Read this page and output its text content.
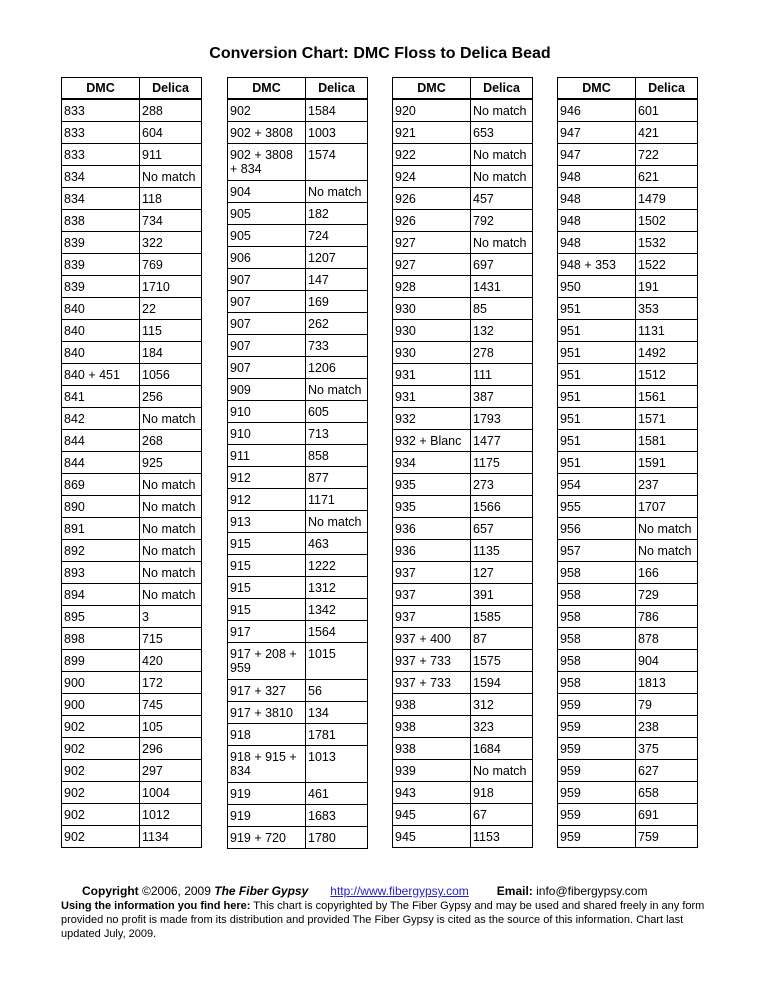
Conversion Chart: DMC Floss to Delica Bead
DMC	Delica
833	288
833	604
833	911
834	No match
834	118
838	734
839	322
839	769
839	1710
840	22
840	115
840	184
840 + 451	1056
841	256
842	No match
844	268
844	925
869	No match
890	No match
891	No match
892	No match
893	No match
894	No match
895	3
898	715
899	420
900	172
900	745
902	105
902	296
902	297
902	1004
902	1012
902	1134
DMC	Delica
902	1584
902 + 3808	1003
902 + 3808 + 834	1574
904	No match
905	182
905	724
906	1207
907	147
907	169
907	262
907	733
907	1206
909	No match
910	605
910	713
911	858
912	877
912	1171
913	No match
915	463
915	1222
915	1312
915	1342
917	1564
917 + 208 + 959	1015
917 + 327	56
917 + 3810	134
918	1781
918 + 915 + 834	1013
919	461
919	1683
919 + 720	1780
DMC	Delica
920	No match
921	653
922	No match
924	No match
926	457
926	792
927	No match
927	697
928	1431
930	85
930	132
930	278
931	111
931	387
932	1793
932 + Blanc	1477
934	1175
935	273
935	1566
936	657
936	1135
937	127
937	391
937	1585
937 + 400	87
937 + 733	1575
937 + 733	1594
938	312
938	323
938	1684
939	No match
943	918
945	67
945	1153
DMC	Delica
946	601
947	421
947	722
948	621
948	1479
948	1502
948	1532
948 + 353	1522
950	191
951	353
951	1131
951	1492
951	1512
951	1561
951	1571
951	1581
951	1591
954	237
955	1707
956	No match
957	No match
958	166
958	729
958	786
958	878
958	904
958	1813
959	79
959	238
959	375
959	627
959	658
959	691
959	759
Copyright ©2006, 2009 The Fiber Gypsy http://www.fibergypsy.com Email: info@fibergypsy.com
Using the information you find here: This chart is copyrighted by The Fiber Gypsy and may be used and shared freely in any form provided no profit is made from its distribution and provided The Fiber Gypsy is cited as the source of this information. Chart last updated July, 2009.
